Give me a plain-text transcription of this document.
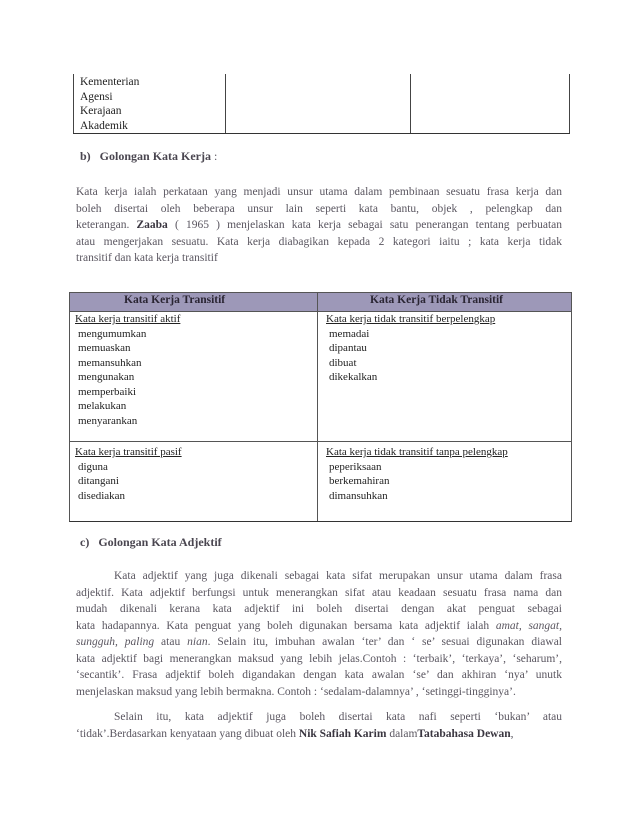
Kementerian
Agensi
Kerajaan
Akademik
b) Golongan Kata Kerja :
Kata kerja ialah perkataan yang menjadi unsur utama dalam pembinaan sesuatu frasa kerja dan
boleh disertai oleh beberapa unsur lain seperti kata bantu, objek , pelengkap dan
keterangan. Zaaba ( 1965 ) menjelaskan kata kerja sebagai satu penerangan tentang perbuatan
atau mengerjakan sesuatu. Kata kerja diabagikan kepada 2 kategori iaitu ; kata kerja tidak
transitif dan kata kerja transitif
Kata Kerja Transitif	Kata Kerja Tidak Transitif
Kata kerja transitif aktif
mengumumkan
memuaskan
memansuhkan
mengunakan
memperbaiki
melakukan
menyarankan
Kata kerja tidak transitif berpelengkap
memadai
dipantau
dibuat
dikekalkan
Kata kerja transitif pasif
diguna
ditangani
disediakan
Kata kerja tidak transitif tanpa pelengkap
peperiksaan
berkemahiran
dimansuhkan
c) Golongan Kata Adjektif
Kata adjektif yang juga dikenali sebagai kata sifat merupakan unsur utama dalam frasa
adjektif. Kata adjektif berfungsi untuk menerangkan sifat atau keadaan sesuatu frasa nama dan
mudah dikenali kerana kata adjektif ini boleh disertai dengan akat penguat sebagai
kata hadapannya. Kata penguat yang boleh digunakan bersama kata adjektif ialah amat, sangat,
sungguh, paling atau nian. Selain itu, imbuhan awalan ‘ter’ dan ‘ se’ sesuai digunakan diawal
kata adjektif bagi menerangkan maksud yang lebih jelas.Contoh : ‘terbaik’, ‘terkaya’, ‘seharum’,
‘secantik’. Frasa adjektif boleh digandakan dengan kata awalan ‘se’ dan akhiran ‘nya’ unutk
menjelaskan maksud yang lebih bermakna. Contoh : ‘sedalam-dalamnya’ , ‘setinggi-tingginya’.
Selain itu, kata adjektif juga boleh disertai kata nafi seperti ‘bukan’ atau
‘tidak’.Berdasarkan kenyataan yang dibuat oleh Nik Safiah Karim dalamTatabahasa Dewan,
